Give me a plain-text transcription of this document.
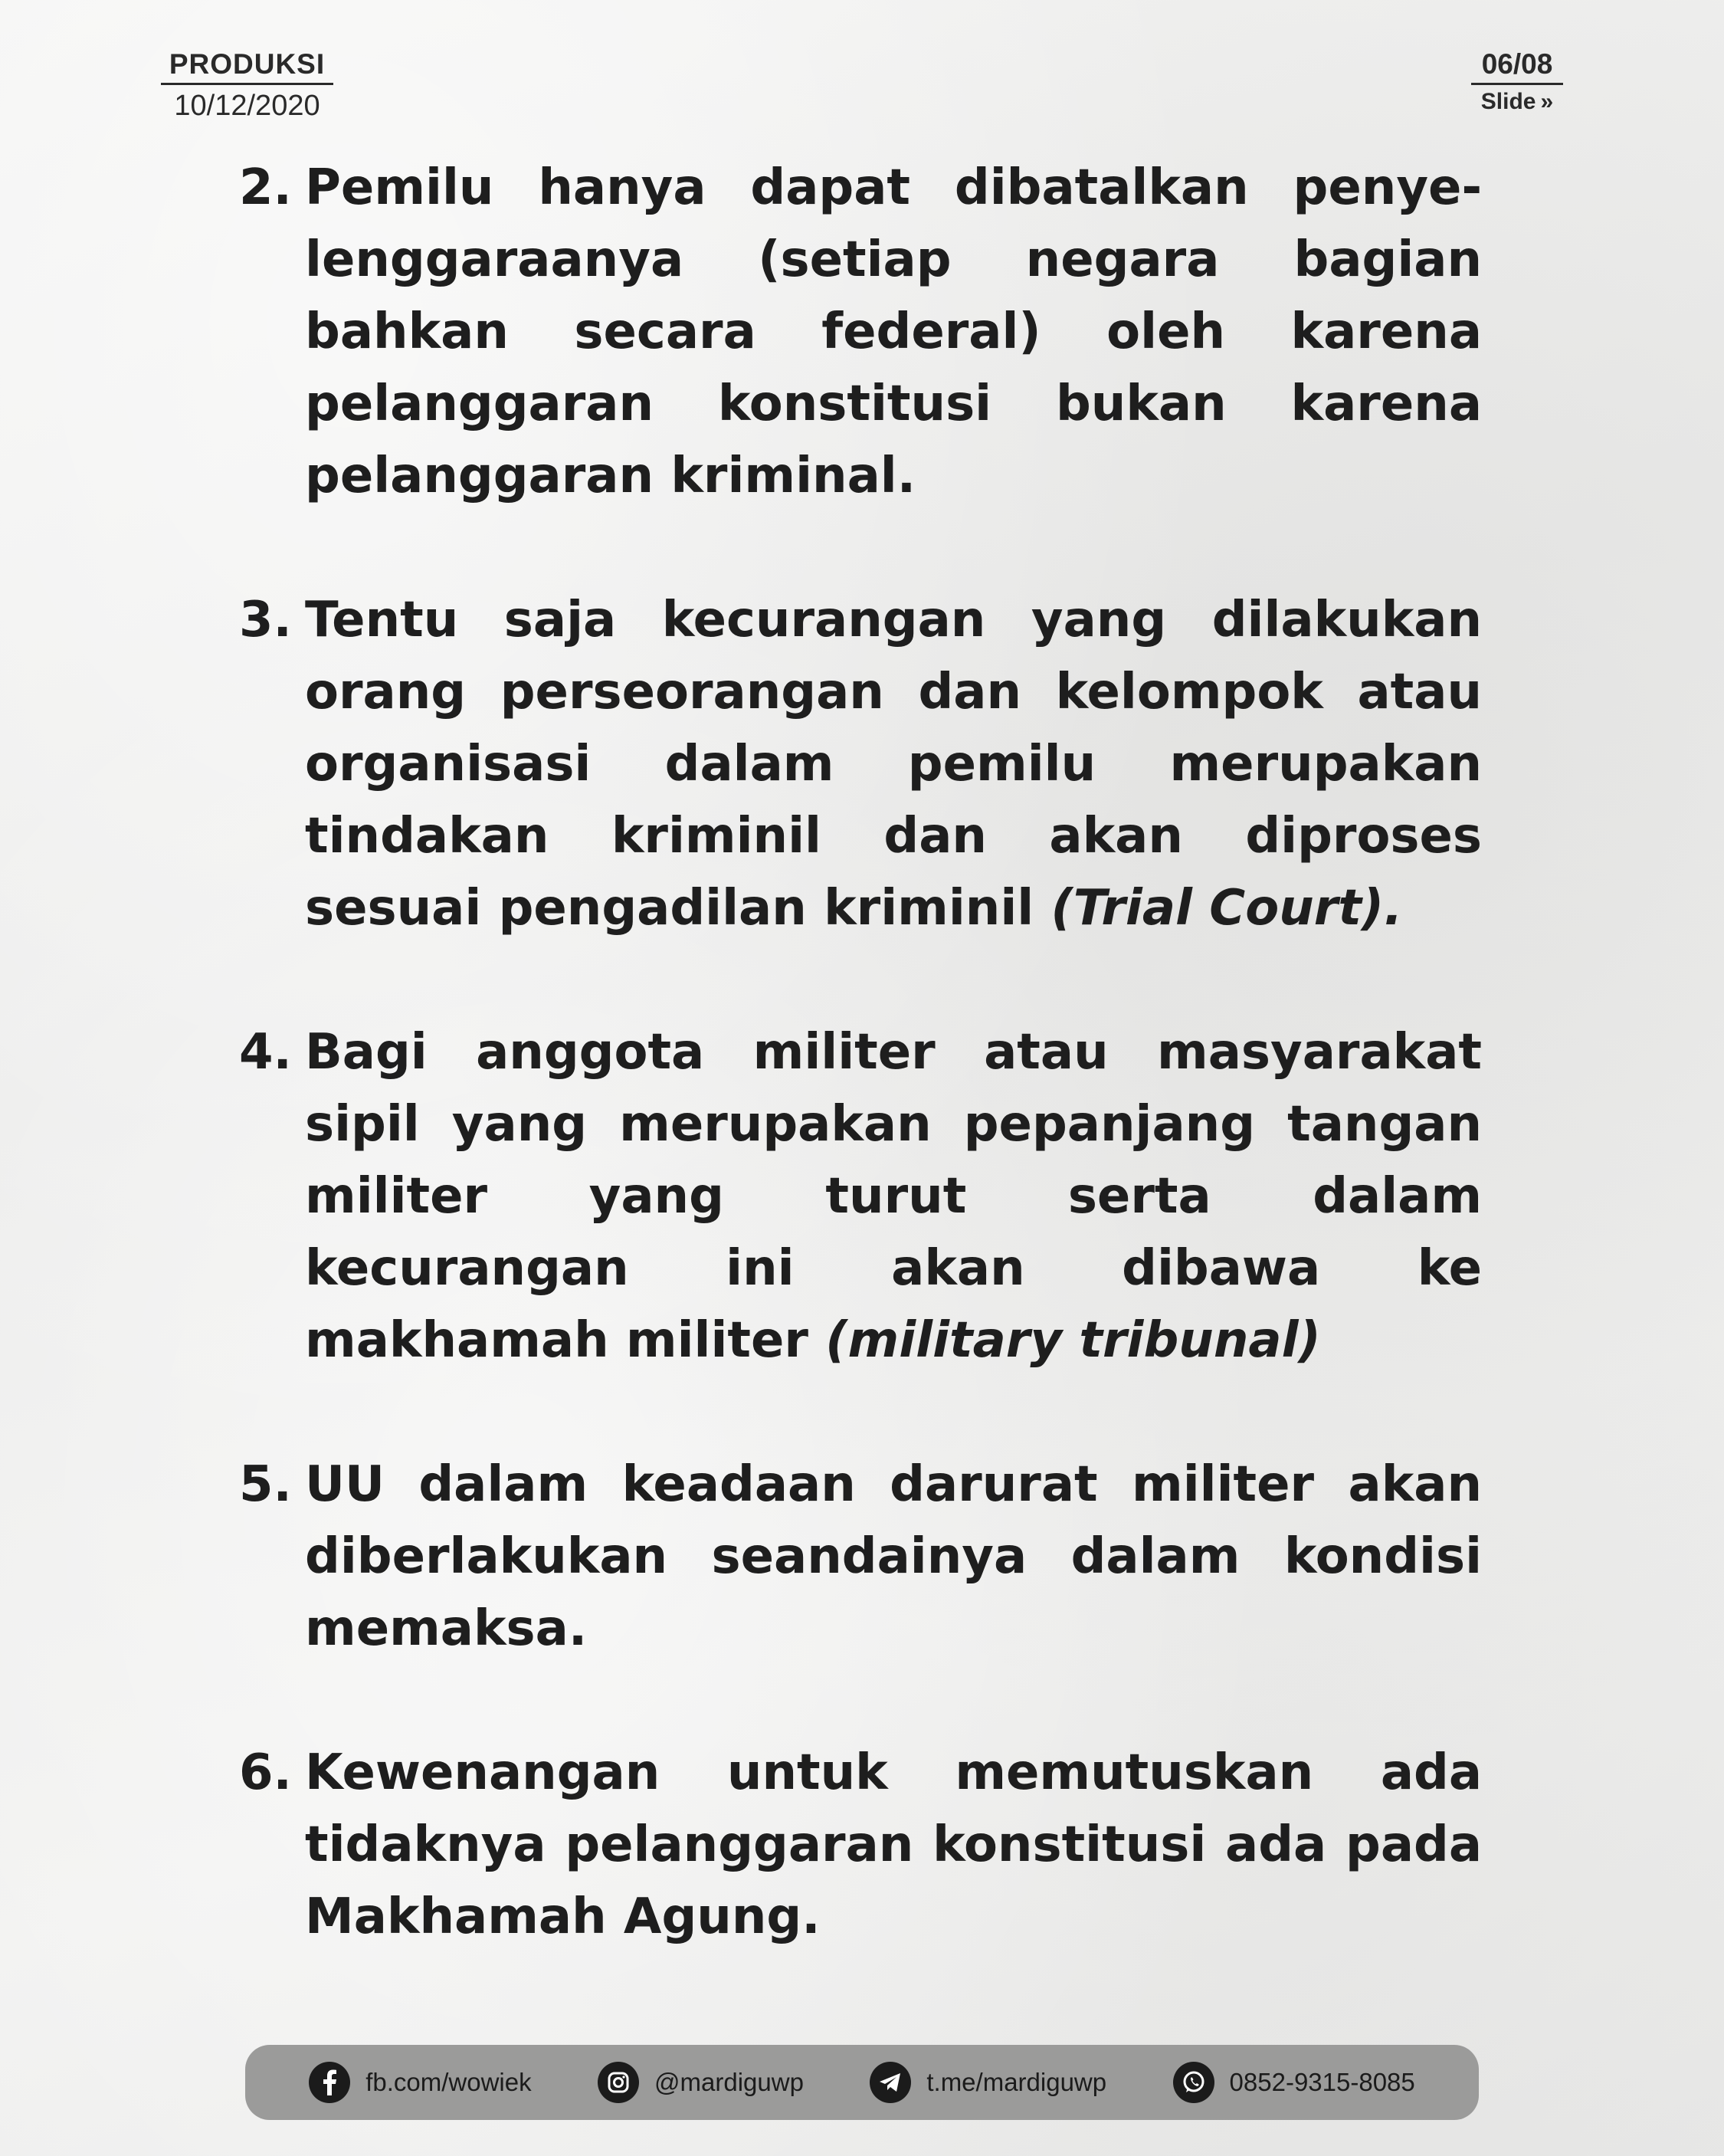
PRODUKSI
10/12/2020
06/08
Slide »
2. Pemilu hanya dapat dibatalkan penye-lenggaraanya (setiap negara bagian bahkan secara federal) oleh karena pelanggaran konstitusi bukan karena pelanggaran kriminal.
3. Tentu saja kecurangan yang dilakukan orang perseorangan dan kelompok atau organisasi dalam pemilu merupakan tindakan kriminil dan akan diproses sesuai pengadilan kriminil (Trial Court).
4. Bagi anggota militer atau masyarakat sipil yang merupakan pepanjang tangan militer yang turut serta dalam kecurangan ini akan dibawa ke makhamah militer (military tribunal)
5. UU dalam keadaan darurat militer akan diberlakukan seandainya dalam kondisi memaksa.
6. Kewenangan untuk memutuskan ada tidaknya pelanggaran konstitusi ada pada Makhamah Agung.
fb.com/wowiek	@mardiguwp	t.me/mardiguwp	0852-9315-8085
